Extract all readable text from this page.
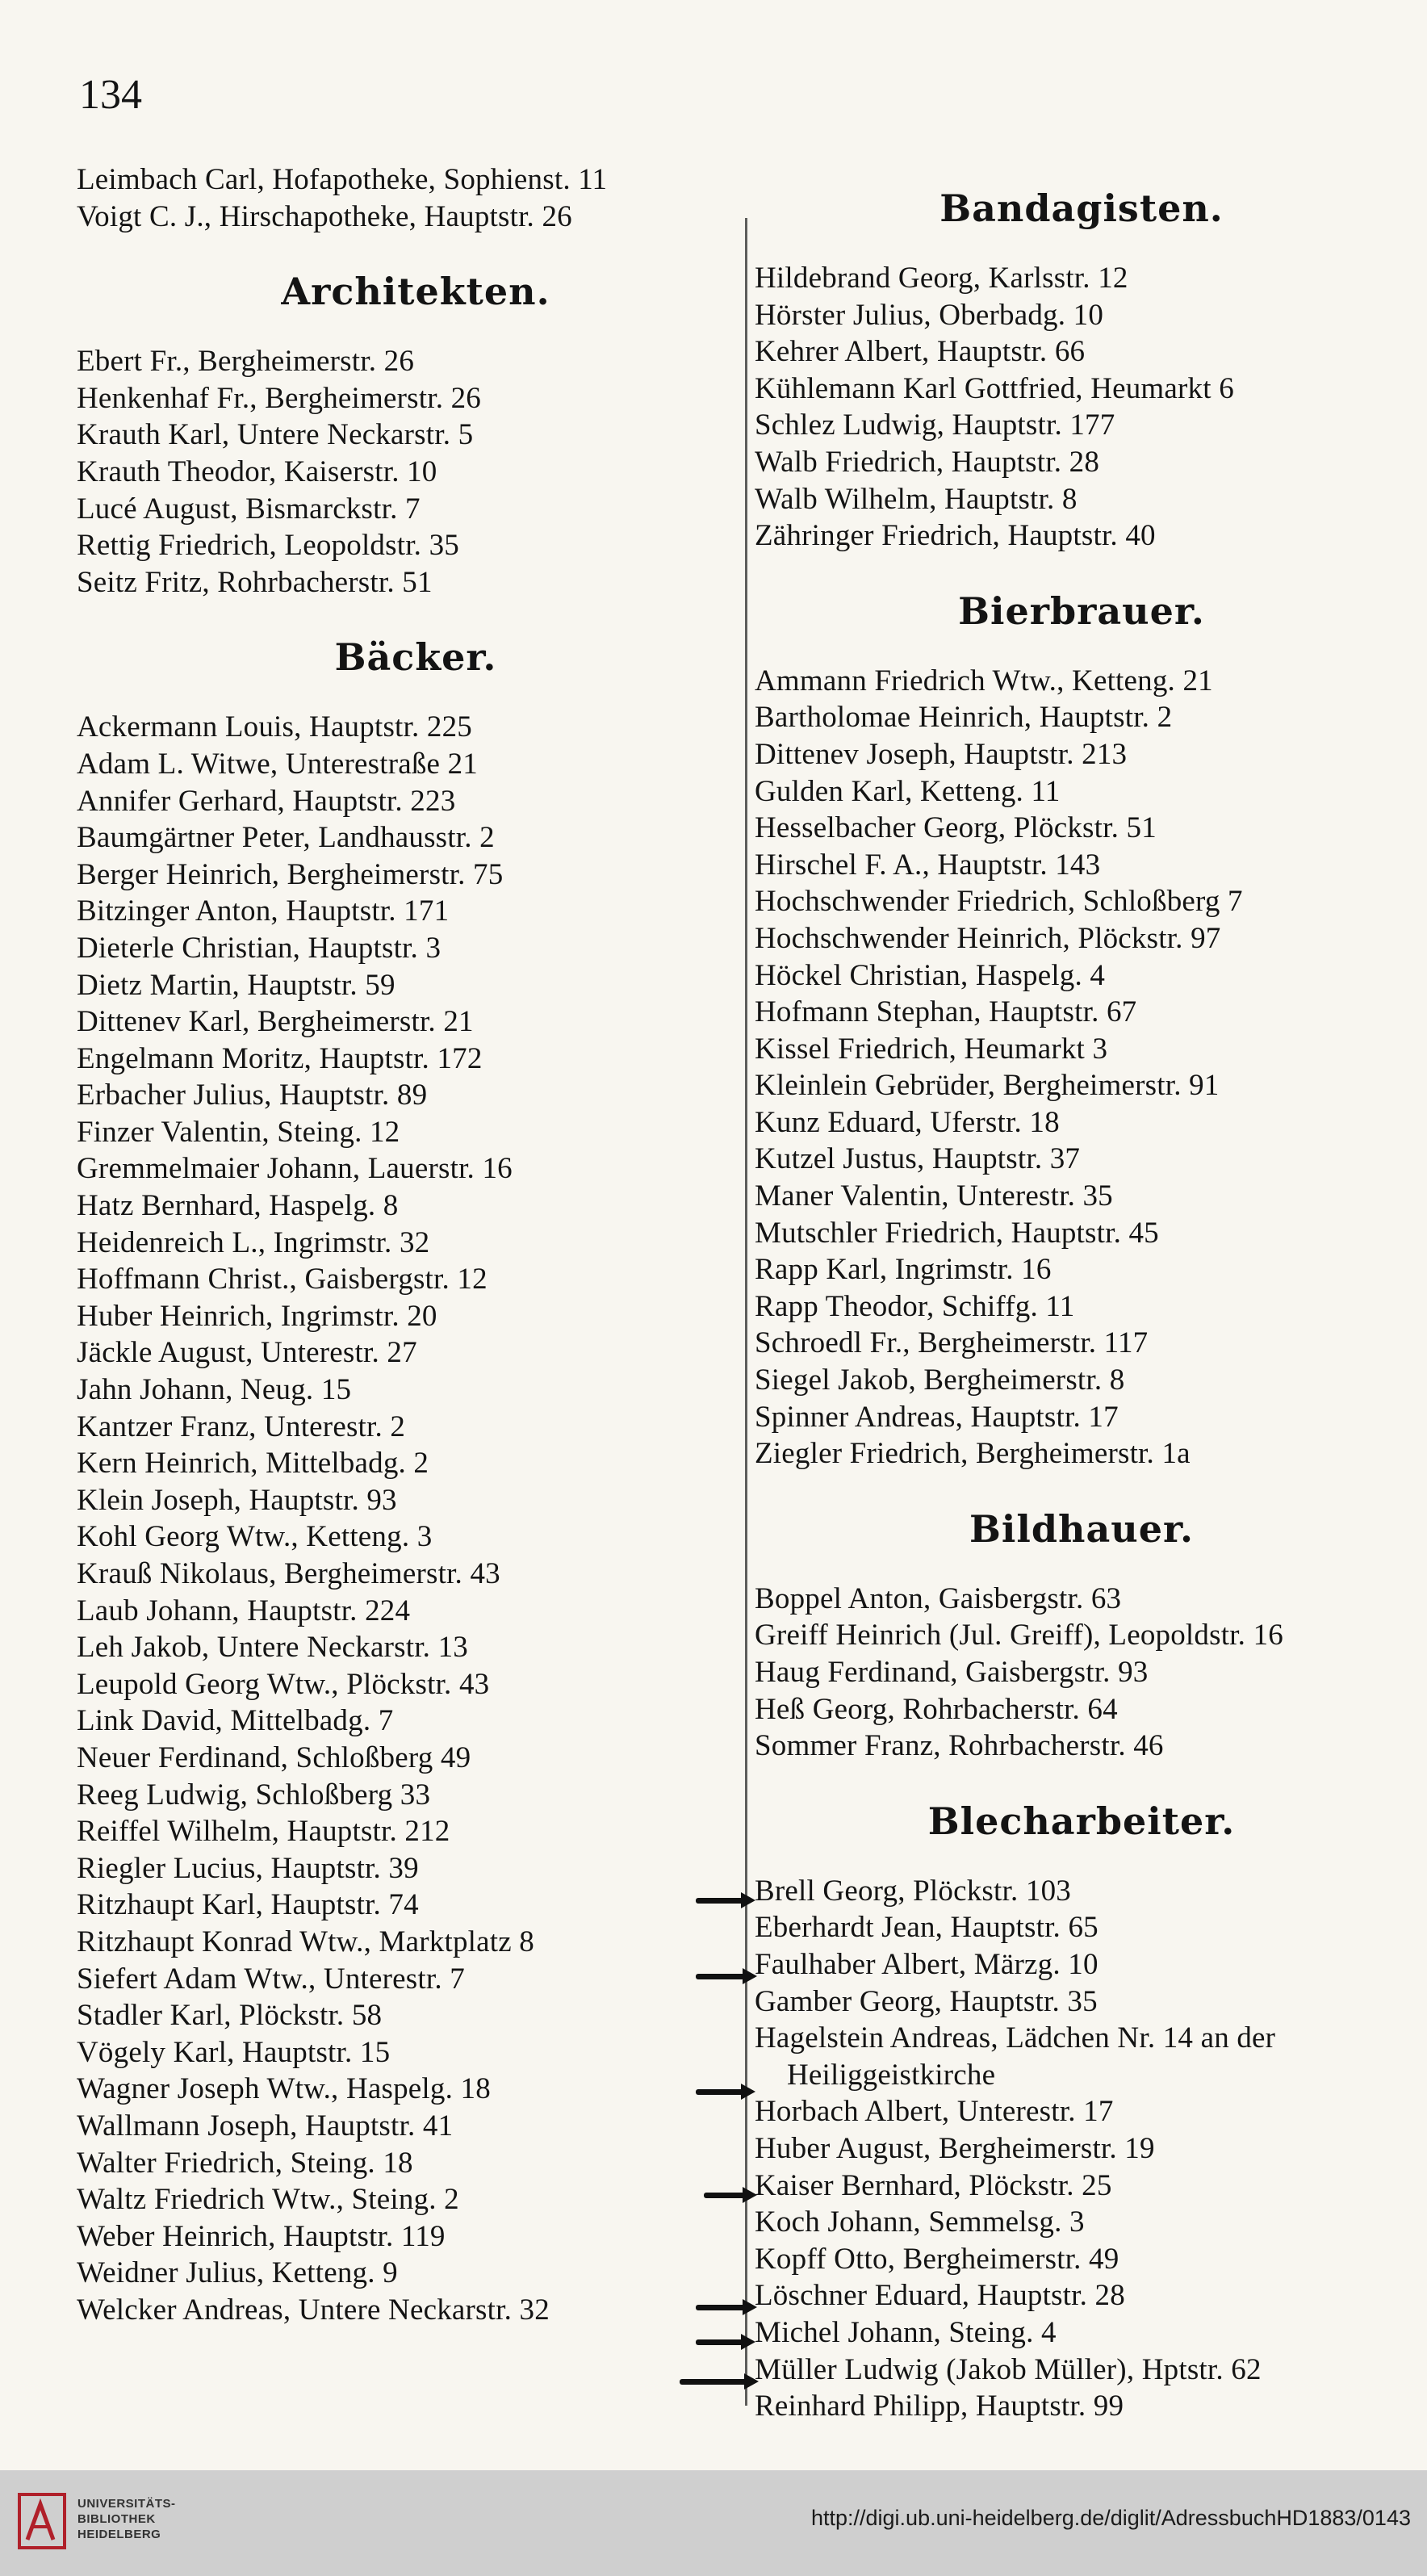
134
Leimbach Carl, Hofapotheke, Sophienst. 11
Voigt C. J., Hirschapotheke, Hauptstr. 26
Architekten.
Ebert Fr., Bergheimerstr. 26
Henkenhaf Fr., Bergheimerstr. 26
Krauth Karl, Untere Neckarstr. 5
Krauth Theodor, Kaiserstr. 10
Lucé August, Bismarckstr. 7
Rettig Friedrich, Leopoldstr. 35
Seitz Fritz, Rohrbacherstr. 51
Bäcker.
Ackermann Louis, Hauptstr. 225
Adam L. Witwe, Unterestraße 21
Annifer Gerhard, Hauptstr. 223
Baumgärtner Peter, Landhausstr. 2
Berger Heinrich, Bergheimerstr. 75
Bitzinger Anton, Hauptstr. 171
Dieterle Christian, Hauptstr. 3
Dietz Martin, Hauptstr. 59
Dittenev Karl, Bergheimerstr. 21
Engelmann Moritz, Hauptstr. 172
Erbacher Julius, Hauptstr. 89
Finzer Valentin, Steing. 12
Gremmelmaier Johann, Lauerstr. 16
Hatz Bernhard, Haspelg. 8
Heidenreich L., Ingrimstr. 32
Hoffmann Christ., Gaisbergstr. 12
Huber Heinrich, Ingrimstr. 20
Jäckle August, Unterestr. 27
Jahn Johann, Neug. 15
Kantzer Franz, Unterestr. 2
Kern Heinrich, Mittelbadg. 2
Klein Joseph, Hauptstr. 93
Kohl Georg Wtw., Ketteng. 3
Krauß Nikolaus, Bergheimerstr. 43
Laub Johann, Hauptstr. 224
Leh Jakob, Untere Neckarstr. 13
Leupold Georg Wtw., Plöckstr. 43
Link David, Mittelbadg. 7
Neuer Ferdinand, Schloßberg 49
Reeg Ludwig, Schloßberg 33
Reiffel Wilhelm, Hauptstr. 212
Riegler Lucius, Hauptstr. 39
Ritzhaupt Karl, Hauptstr. 74
Ritzhaupt Konrad Wtw., Marktplatz 8
Siefert Adam Wtw., Unterestr. 7
Stadler Karl, Plöckstr. 58
Vögely Karl, Hauptstr. 15
Wagner Joseph Wtw., Haspelg. 18
Wallmann Joseph, Hauptstr. 41
Walter Friedrich, Steing. 18
Waltz Friedrich Wtw., Steing. 2
Weber Heinrich, Hauptstr. 119
Weidner Julius, Ketteng. 9
Welcker Andreas, Untere Neckarstr. 32
Bandagisten.
Hildebrand Georg, Karlsstr. 12
Hörster Julius, Oberbadg. 10
Kehrer Albert, Hauptstr. 66
Kühlemann Karl Gottfried, Heumarkt 6
Schlez Ludwig, Hauptstr. 177
Walb Friedrich, Hauptstr. 28
Walb Wilhelm, Hauptstr. 8
Zähringer Friedrich, Hauptstr. 40
Bierbrauer.
Ammann Friedrich Wtw., Ketteng. 21
Bartholomae Heinrich, Hauptstr. 2
Dittenev Joseph, Hauptstr. 213
Gulden Karl, Ketteng. 11
Hesselbacher Georg, Plöckstr. 51
Hirschel F. A., Hauptstr. 143
Hochschwender Friedrich, Schloßberg 7
Hochschwender Heinrich, Plöckstr. 97
Höckel Christian, Haspelg. 4
Hofmann Stephan, Hauptstr. 67
Kissel Friedrich, Heumarkt 3
Kleinlein Gebrüder, Bergheimerstr. 91
Kunz Eduard, Uferstr. 18
Kutzel Justus, Hauptstr. 37
Maner Valentin, Unterestr. 35
Mutschler Friedrich, Hauptstr. 45
Rapp Karl, Ingrimstr. 16
Rapp Theodor, Schiffg. 11
Schroedl Fr., Bergheimerstr. 117
Siegel Jakob, Bergheimerstr. 8
Spinner Andreas, Hauptstr. 17
Ziegler Friedrich, Bergheimerstr. 1a
Bildhauer.
Boppel Anton, Gaisbergstr. 63
Greiff Heinrich (Jul. Greiff), Leopoldstr. 16
Haug Ferdinand, Gaisbergstr. 93
Heß Georg, Rohrbacherstr. 64
Sommer Franz, Rohrbacherstr. 46
Blecharbeiter.
Brell Georg, Plöckstr. 103
Eberhardt Jean, Hauptstr. 65
Faulhaber Albert, Märzg. 10
Gamber Georg, Hauptstr. 35
Hagelstein Andreas, Lädchen Nr. 14 an der
Heiliggeistkirche
Horbach Albert, Unterestr. 17
Huber August, Bergheimerstr. 19
Kaiser Bernhard, Plöckstr. 25
Koch Johann, Semmelsg. 3
Kopff Otto, Bergheimerstr. 49
Löschner Eduard, Hauptstr. 28
Michel Johann, Steing. 4
Müller Ludwig (Jakob Müller), Hptstr. 62
Reinhard Philipp, Hauptstr. 99
UNIVERSITÄTS-
BIBLIOTHEK
HEIDELBERG
http://digi.ub.uni-heidelberg.de/diglit/AdressbuchHD1883/0143
